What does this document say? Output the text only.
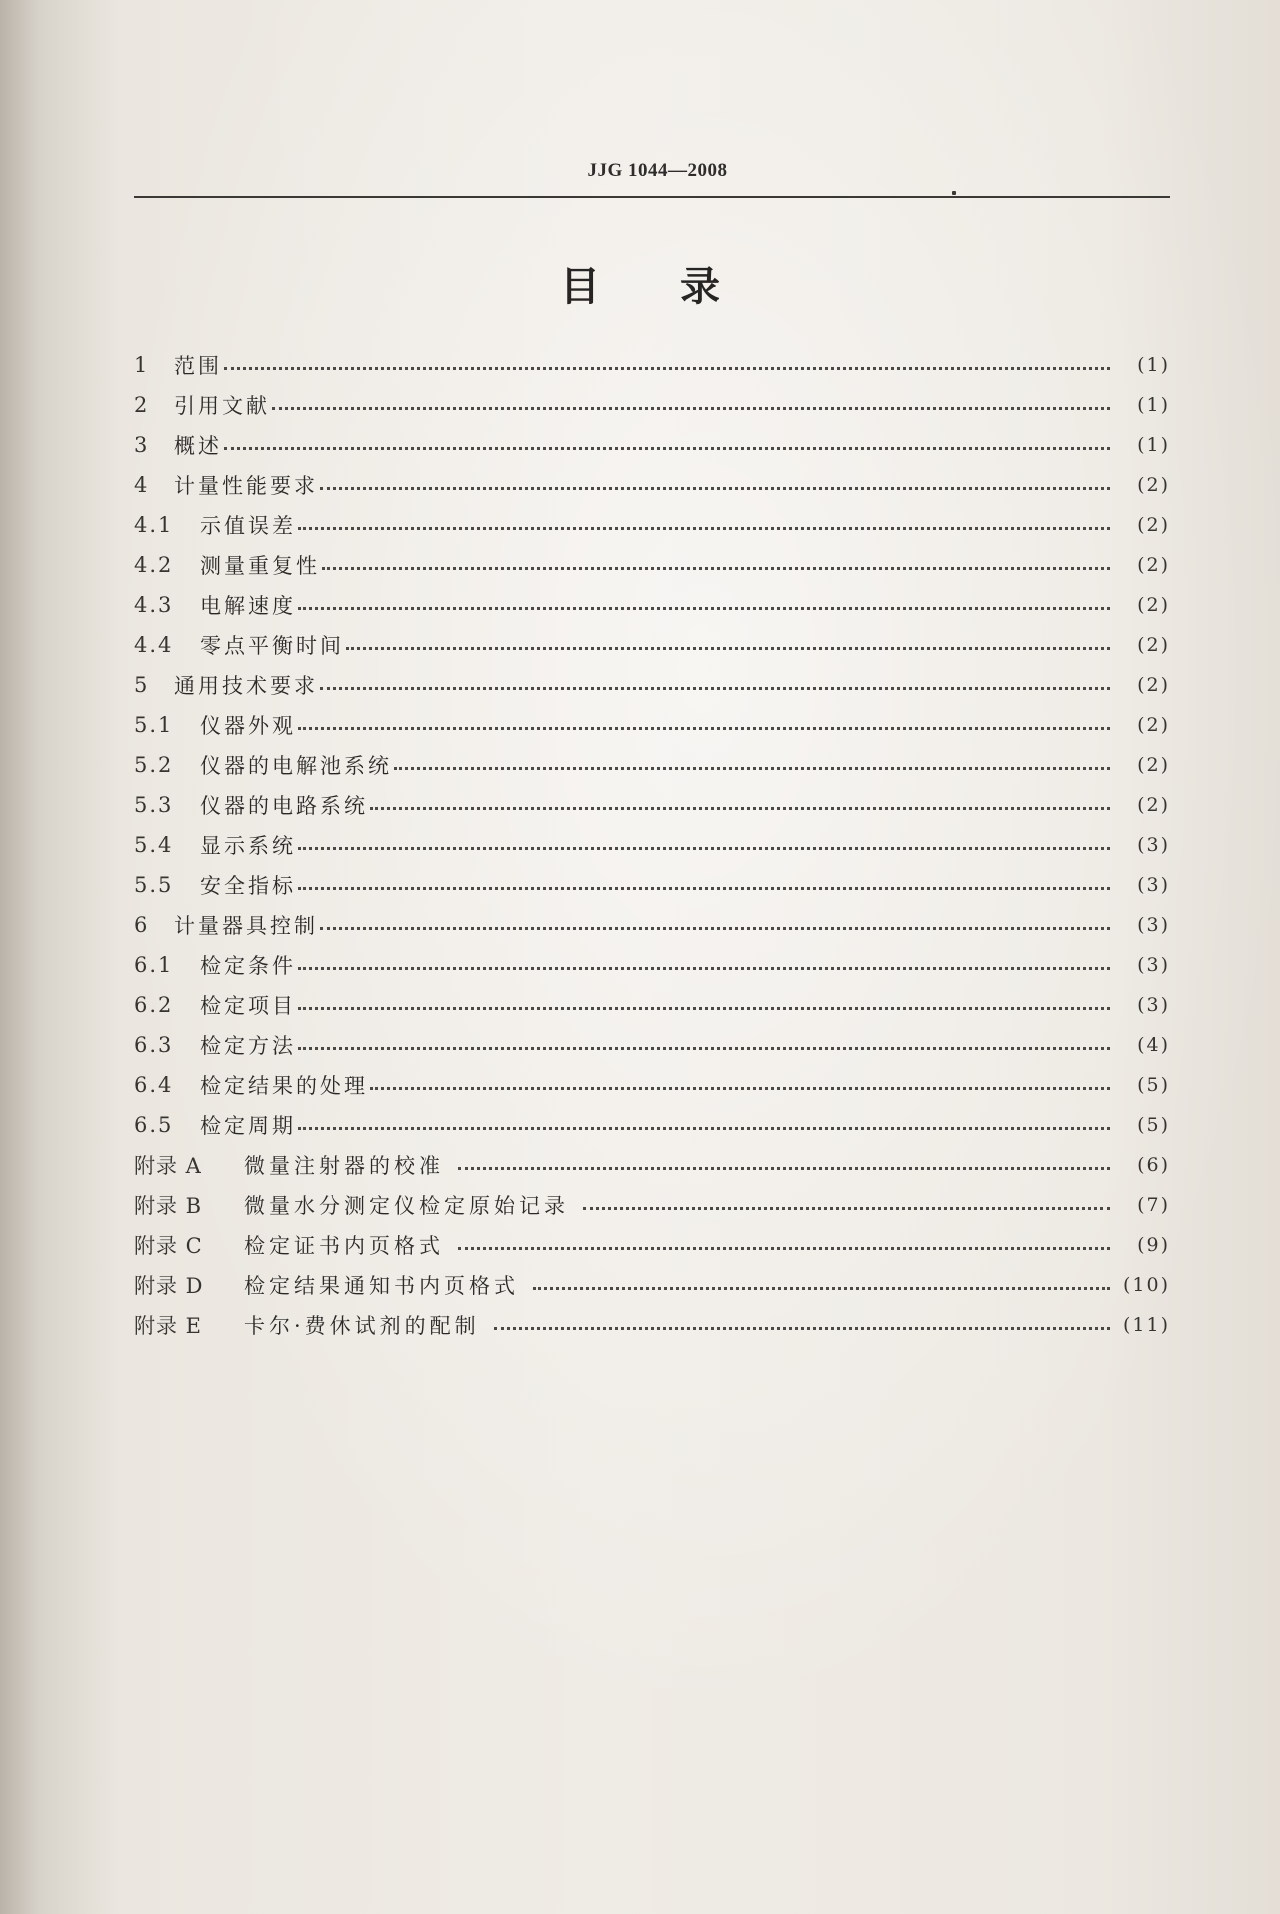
JJG 1044—2008
目录
1	范围	(1)
2	引用文献	(1)
3	概述	(1)
4	计量性能要求	(2)
4.1	示值误差	(2)
4.2	测量重复性	(2)
4.3	电解速度	(2)
4.4	零点平衡时间	(2)
5	通用技术要求	(2)
5.1	仪器外观	(2)
5.2	仪器的电解池系统	(2)
5.3	仪器的电路系统	(2)
5.4	显示系统	(3)
5.5	安全指标	(3)
6	计量器具控制	(3)
6.1	检定条件	(3)
6.2	检定项目	(3)
6.3	检定方法	(4)
6.4	检定结果的处理	(5)
6.5	检定周期	(5)
附录 A	微量注射器的校准	(6)
附录 B	微量水分测定仪检定原始记录	(7)
附录 C	检定证书内页格式	(9)
附录 D	检定结果通知书内页格式	(10)
附录 E	卡尔·费休试剂的配制	(11)
